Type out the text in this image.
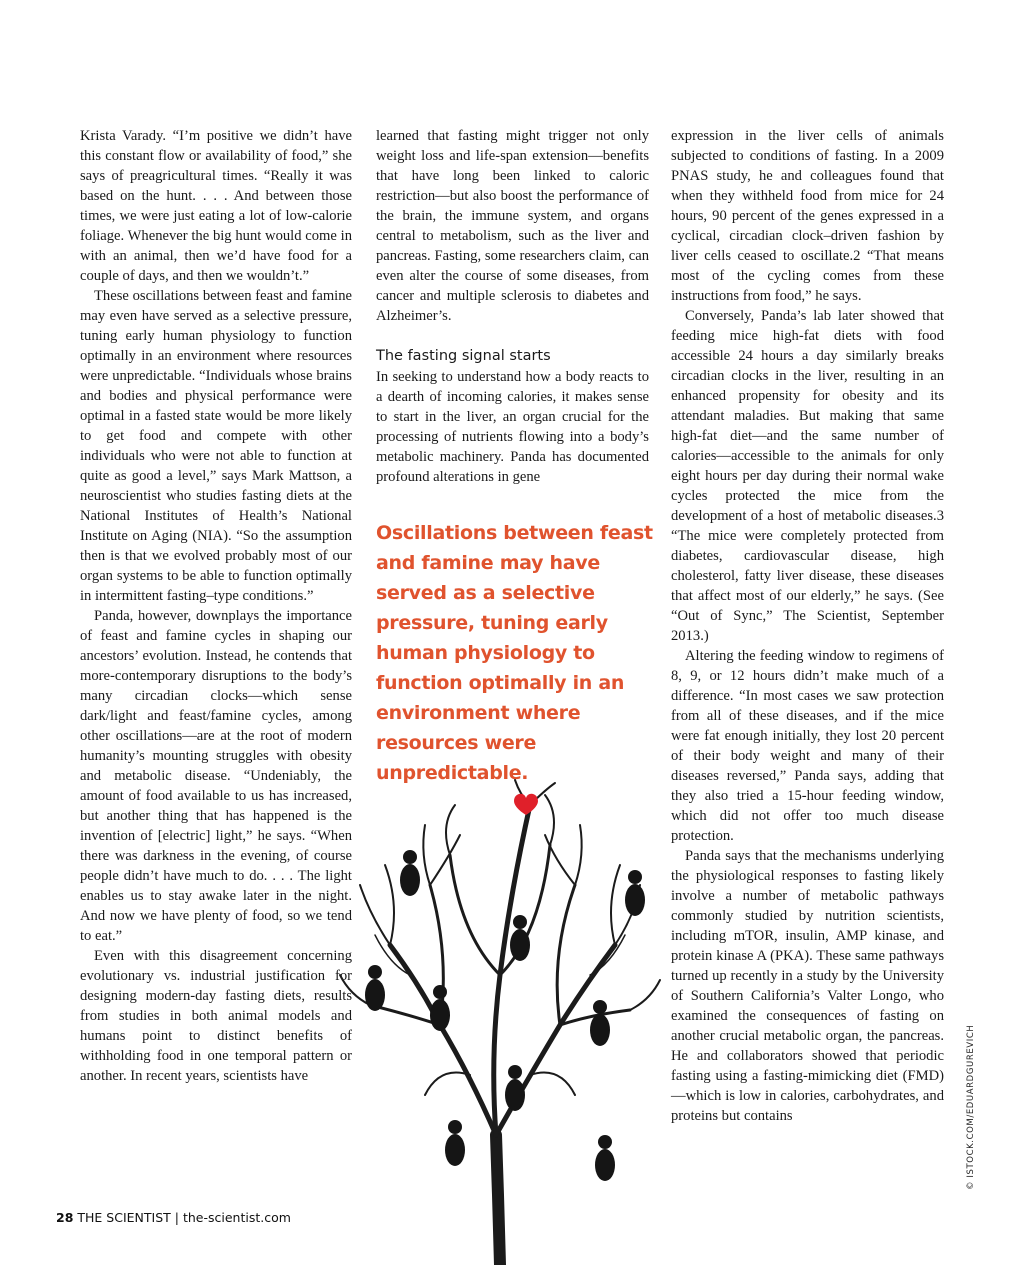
Krista Varady. “I’m positive we didn’t have this constant flow or availability of food,” she says of preagricultural times. “Really it was based on the hunt. . . . And between those times, we were just eating a lot of low-calorie foliage. Whenever the big hunt would come in with an animal, then we’d have food for a couple of days, and then we wouldn’t.”

These oscillations between feast and famine may even have served as a selective pressure, tuning early human physiology to function optimally in an environment where resources were unpredictable. “Individuals whose brains and bodies and physical performance were optimal in a fasted state would be more likely to get food and compete with other individuals who were not able to function at quite as good a level,” says Mark Mattson, a neuroscientist who studies fasting diets at the National Institutes of Health’s National Institute on Aging (NIA). “So the assumption then is that we evolved probably most of our organ systems to be able to function optimally in intermittent fasting–type conditions.”

Panda, however, downplays the importance of feast and famine cycles in shaping our ancestors’ evolution. Instead, he contends that more-contemporary disruptions to the body’s many circadian clocks—which sense dark/light and feast/famine cycles, among other oscillations—are at the root of modern humanity’s mounting struggles with obesity and metabolic disease. “Undeniably, the amount of food available to us has increased, but another thing that has happened is the invention of [electric] light,” he says. “When there was darkness in the evening, of course people didn’t have much to do. . . . The light enables us to stay awake later in the night. And now we have plenty of food, so we tend to eat.”

Even with this disagreement concerning evolutionary vs. industrial justification for designing modern-day fasting diets, results from studies in both animal models and humans point to distinct benefits of withholding food in one temporal pattern or another. In recent years, scientists have

learned that fasting might trigger not only weight loss and life-span extension—benefits that have long been linked to caloric restriction—but also boost the performance of the brain, the immune system, and organs central to metabolism, such as the liver and pancreas. Fasting, some researchers claim, can even alter the course of some diseases, from cancer and multiple sclerosis to diabetes and Alzheimer’s.

The fasting signal starts

In seeking to understand how a body reacts to a dearth of incoming calories, it makes sense to start in the liver, an organ crucial for the processing of nutrients flowing into a body’s metabolic machinery. Panda has documented profound alterations in gene

Oscillations between feast and famine may have served as a selective pressure, tuning early human physiology to function optimally in an environment where resources were unpredictable.

expression in the liver cells of animals subjected to conditions of fasting. In a 2009 PNAS study, he and colleagues found that when they withheld food from mice for 24 hours, 90 percent of the genes expressed in a cyclical, circadian clock–driven fashion by liver cells ceased to oscillate.2 “That means most of the cycling comes from these instructions from food,” he says.

Conversely, Panda’s lab later showed that feeding mice high-fat diets with food accessible 24 hours a day similarly breaks circadian clocks in the liver, resulting in an enhanced propensity for obesity and its attendant maladies. But making that same high-fat diet—and the same number of calories—accessible to the animals for only eight hours per day during their normal wake cycles protected the mice from the development of a host of metabolic diseases.3 “The mice were completely protected from diabetes, cardiovascular disease, high cholesterol, fatty liver disease, these diseases that affect most of our elderly,” he says. (See “Out of Sync,” The Scientist, September 2013.)

Altering the feeding window to regimens of 8, 9, or 12 hours didn’t make much of a difference. “In most cases we saw protection from all of these diseases, and if the mice were fat enough initially, they lost 20 percent of their body weight and many of their diseases reversed,” Panda says, adding that they also tried a 15-hour feeding window, which did not offer too much disease protection.

Panda says that the mechanisms underlying the physiological responses to fasting likely involve a number of metabolic pathways commonly studied by nutrition scientists, including mTOR, insulin, AMP kinase, and protein kinase A (PKA). These same pathways turned up recently in a study by the University of Southern California’s Valter Longo, who examined the consequences of fasting on another crucial metabolic organ, the pancreas. He and collaborators showed that periodic fasting using a fasting-mimicking diet (FMD)—which is low in calories, carbohydrates, and proteins but contains

28 THE SCIENTIST | the-scientist.com
© ISTOCK.COM/EDUARDGUREVICH
